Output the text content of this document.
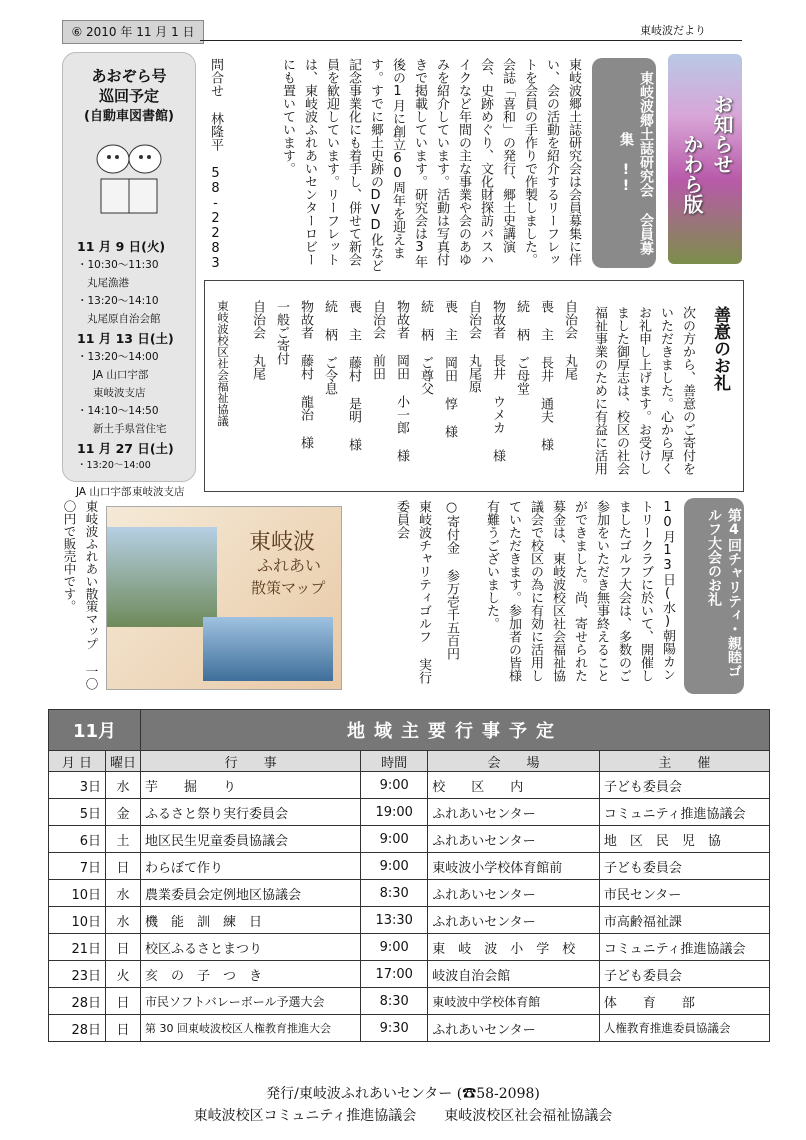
⑥ 2010 年 11 月 1 日	東岐波だより
あおぞら号
巡回予定
(自動車図書館)
11 月 9 日(火)
・10:30～11:30
丸尾漁港
・13:20～14:10
丸尾原自治会館
11 月 13 日(土)
・13:20～14:00
JA 山口宇部
東岐波支店
・14:10～14:50
新土手県営住宅
11 月 27 日(土)
・13:20～14:00
JA 山口宇部 東岐波支店
お知らせ
かわら版
東岐波郷土誌研究会 会員募集 !!
東岐波郷土誌研究会は会員募集に伴い、会の活動を紹介するリーフレットを会員の手作りで作製しました。会誌「喜和」の発行、郷土史講演会、史跡めぐり、文化財探訪バスハイクなど年間の主な事業や会のあゆみを紹介しています。活動は写真付きで掲載しています。研究会は3年後の1月に創立60周年を迎えます。すでに郷土史跡のDVD化など記念事業化にも着手し、併せて新会員を歓迎しています。リーフレットは、東岐波ふれあいセンターロビーにも置いています。
問合せ 林隆平 58-2283
善意のお礼
次の方から、善意のご寄付をいただきました。心から厚くお礼申し上げます。お受けしました御厚志は、校区の社会福祉事業のために有益に活用
自治会 丸尾
喪 主 長井 通夫 様
続 柄 ご母堂
物故者 長井 ウメカ 様
自治会 丸尾原
喪 主 岡田 惇 様
続 柄 ご尊父
物故者 岡田 小一郎 様
自治会 前田
喪 主 藤村 是明 様
続 柄 ご令息
物故者 藤村 龍治 様
一般ご寄付
自治会 丸尾
東岐波校区社会福祉協議
東岐波
ふれあい
散策マップ
東岐波ふれあい散策マップ 一〇〇円で販売中です。	第4回チャリティ・親睦ゴルフ大会のお礼
10月13日(水)朝陽カントリークラブに於いて、開催しましたゴルフ大会は、多数のご参加をいただき無事終えることができました。尚、寄せられた募金は、東岐波校区社会福祉協議会で校区の為に有効に活用していただきます。参加者の皆様有難うございました。
○寄付金 参万壱千五百円
東岐波チャリティゴルフ 実行委員会
11月		地域主要行事予定			
月 日	曜日	行　　事	時間	会　　場	主　　催
3日	水	芋　　掘　　り	9:00	校　　区　　内	子ども委員会
5日	金	ふるさと祭り実行委員会	19:00	ふれあいセンター	コミュニティ推進協議会
6日	土	地区民生児童委員協議会	9:00	ふれあいセンター	地　区　民　児　協
7日	日	わらぼて作り	9:00	東岐波小学校体育館前	子ども委員会
10日	水	農業委員会定例地区協議会	8:30	ふれあいセンター	市民センター
10日	水	機　能　訓　練　日	13:30	ふれあいセンター	市高齢福祉課
21日	日	校区ふるさとまつり	9:00	東　岐　波　小　学　校	コミュニティ推進協議会
23日	火	亥　の　子　つ　き	17:00	岐波自治会館	子ども委員会
28日	日	市民ソフトバレーボール予選大会	8:30	東岐波中学校体育館	体　　育　　部
28日	日	第 30 回東岐波校区人権教育推進大会	9:30	ふれあいセンター	人権教育推進委員協議会
発行/東岐波ふれあいセンター (☎58-2098)
東岐波校区コミュニティ推進協議会　　東岐波校区社会福祉協議会
